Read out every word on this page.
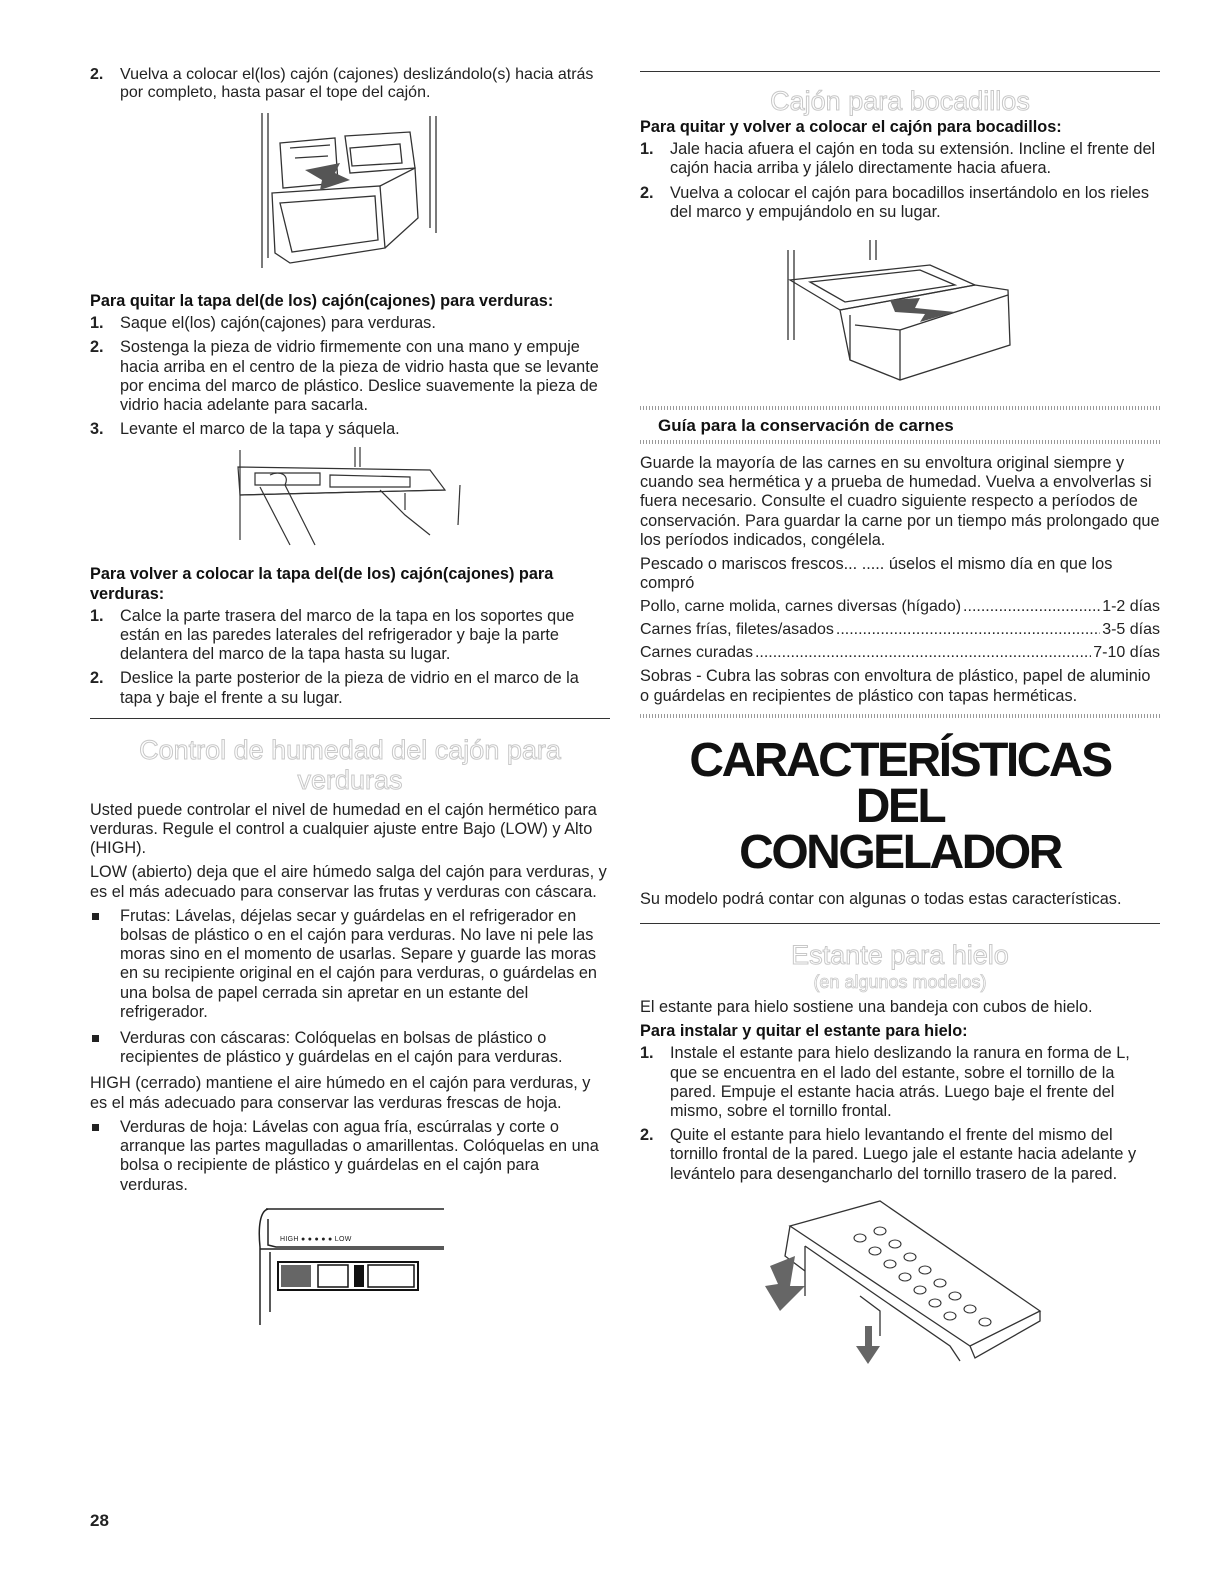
2. Vuelva a colocar el(los) cajón (cajones) deslizándolo(s) hacia atrás por completo, hasta pasar el tope del cajón.
Para quitar la tapa del(de los) cajón(cajones) para verduras:
1. Saque el(los) cajón(cajones) para verduras.
2. Sostenga la pieza de vidrio firmemente con una mano y empuje hacia arriba en el centro de la pieza de vidrio hasta que se levante por encima del marco de plástico. Deslice suavemente la pieza de vidrio hacia adelante para sacarla.
3. Levante el marco de la tapa y sáquela.
Para volver a colocar la tapa del(de los) cajón(cajones) para verduras:
1. Calce la parte trasera del marco de la tapa en los soportes que están en las paredes laterales del refrigerador y baje la parte delantera del marco de la tapa hasta su lugar.
2. Deslice la parte posterior de la pieza de vidrio en el marco de la tapa y baje el frente a su lugar.
Control de humedad del cajón para
verduras

Usted puede controlar el nivel de humedad en el cajón hermético para verduras. Regule el control a cualquier ajuste entre Bajo (LOW) y Alto (HIGH).

LOW (abierto) deja que el aire húmedo salga del cajón para verduras, y es el más adecuado para conservar las frutas y verduras con cáscara.

Frutas: Lávelas, déjelas secar y guárdelas en el refrigerador en bolsas de plástico o en el cajón para verduras. No lave ni pele las moras sino en el momento de usarlas. Separe y guarde las moras en su recipiente original en el cajón para verduras, o guárdelas en una bolsa de papel cerrada sin apretar en un estante del refrigerador.
Verduras con cáscaras: Colóquelas en bolsas de plástico o recipientes de plástico y guárdelas en el cajón para verduras.

HIGH (cerrado) mantiene el aire húmedo en el cajón para verduras, y es el más adecuado para conservar las verduras frescas de hoja.

Verduras de hoja: Lávelas con agua fría, escúrralas y corte o arranque las partes magulladas o amarillentas. Colóquelas en una bolsa o recipiente de plástico y guárdelas en el cajón para verduras.
HIGH ● ● ● ● ● LOW
Cajón para bocadillos
Para quitar y volver a colocar el cajón para bocadillos:
1. Jale hacia afuera el cajón en toda su extensión. Incline el frente del cajón hacia arriba y jálelo directamente hacia afuera.
2. Vuelva a colocar el cajón para bocadillos insertándolo en los rieles del marco y empujándolo en su lugar.
Guía para la conservación de carnes

Guarde la mayoría de las carnes en su envoltura original siempre y cuando sea hermética y a prueba de humedad. Vuelva a envolverlas si fuera necesario. Consulte el cuadro siguiente respecto a períodos de conservación. Para guardar la carne por un tiempo más prolongado que los períodos indicados, congélela.

Pescado o mariscos frescos... ..... úselos el mismo día en que los compró

Pollo, carne molida, carnes diversas (hígado) .....	1-2 días
Carnes frías, filetes/asados .....	3-5 días
Carnes curadas .....	7-10 días

Sobras - Cubra las sobras con envoltura de plástico, papel de aluminio o guárdelas en recipientes de plástico con tapas herméticas.

CARACTERÍSTICAS DEL
CONGELADOR

Su modelo podrá contar con algunas o todas estas características.

Estante para hielo
(en algunos modelos)

El estante para hielo sostiene una bandeja con cubos de hielo.

Para instalar y quitar el estante para hielo:
1. Instale el estante para hielo deslizando la ranura en forma de L, que se encuentra en el lado del estante, sobre el tornillo de la pared. Empuje el estante hacia atrás. Luego baje el frente del mismo, sobre el tornillo frontal.
2. Quite el estante para hielo levantando el frente del mismo del tornillo frontal de la pared. Luego jale el estante hacia adelante y levántelo para desengancharlo del tornillo trasero de la pared.
28
